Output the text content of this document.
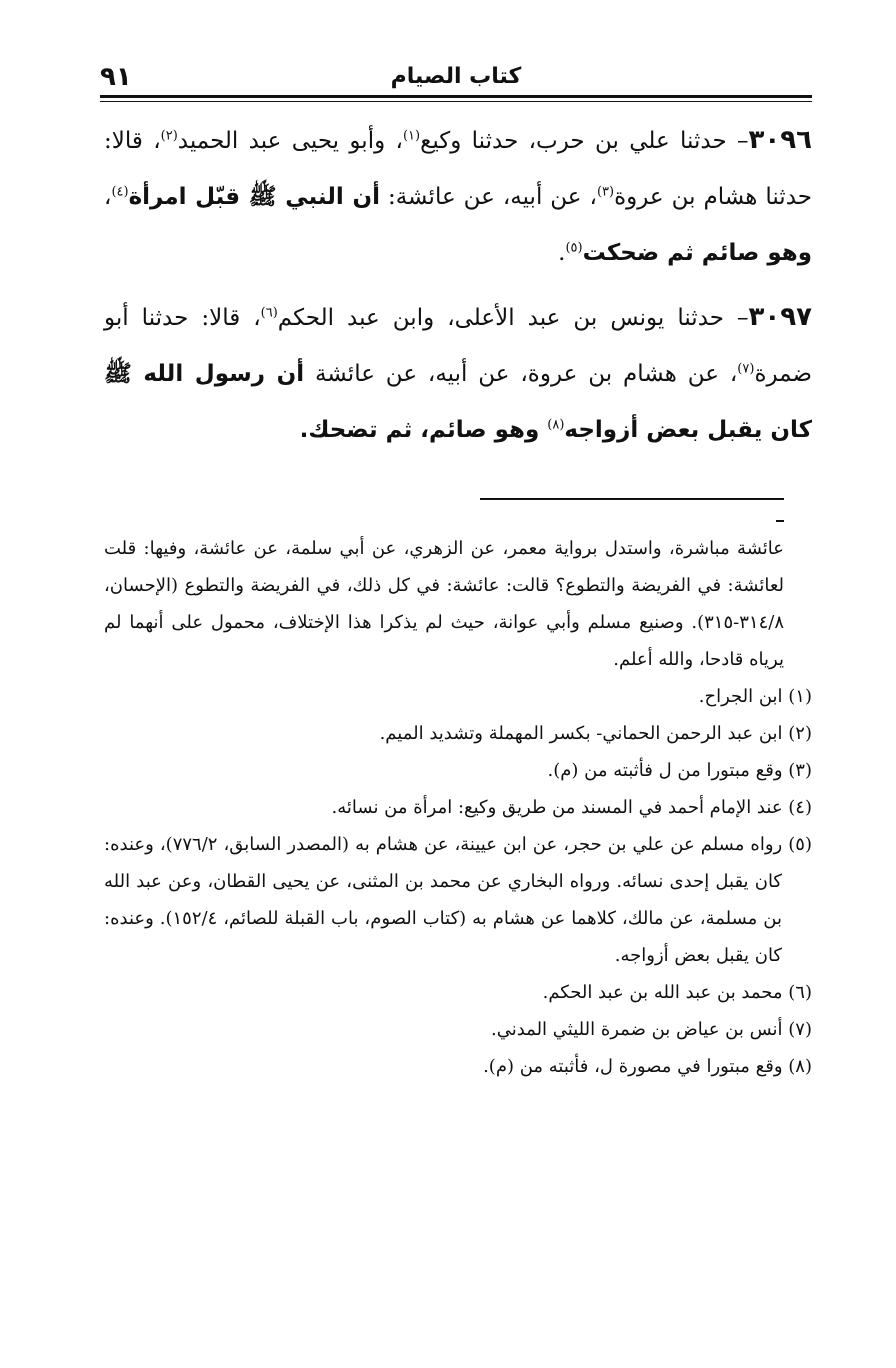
٩١	كتاب الصيام

٣٠٩٦– حدثنا علي بن حرب، حدثنا وكيع$^{(١)}$، وأبو يحيى عبد الحميد$^{(٢)}$، قالا: حدثنا هشام بن عروة$^{(٣)}$، عن أبيه، عن عائشة: أن النبي ﷺ قبّل امرأة$^{(٤)}$، وهو صائم ثم ضحكت$^{(٥)}$.

٣٠٩٧– حدثنا يونس بن عبد الأعلى، وابن عبد الحكم$^{(٦)}$، قالا: حدثنا أبو ضمرة$^{(٧)}$، عن هشام بن عروة، عن أبيه، عن عائشة أن رسول الله ﷺ كان يقبل بعض أزواجه$^{(٨)}$ وهو صائم، ثم تضحك.

عائشة مباشرة، واستدل برواية معمر، عن الزهري، عن أبي سلمة، عن عائشة، وفيها: قلت لعائشة: في الفريضة والتطوع؟ قالت: عائشة: في كل ذلك، في الفريضة والتطوع (الإحسان، ٣١٤/٨-٣١٥). وصنيع مسلم وأبي عوانة، حيث لم يذكرا هذا الإختلاف، محمول على أنهما لم يرياه قادحا، والله أعلم.

(١) ابن الجراح.

(٢) ابن عبد الرحمن الحماني- بكسر المهملة وتشديد الميم.

(٣) وقع مبتورا من ل فأثبته من (م).

(٤) عند الإمام أحمد في المسند من طريق وكيع: امرأة من نسائه.

(٥) رواه مسلم عن علي بن حجر، عن ابن عيينة، عن هشام به (المصدر السابق، ٧٧٦/٢)، وعنده: كان يقبل إحدى نسائه. ورواه البخاري عن محمد بن المثنى، عن يحيى القطان، وعن عبد الله بن مسلمة، عن مالك، كلاهما عن هشام به (كتاب الصوم، باب القبلة للصائم، ١٥٢/٤). وعنده: كان يقبل بعض أزواجه.

(٦) محمد بن عبد الله بن عبد الحكم.

(٧) أنس بن عياض بن ضمرة الليثي المدني.

(٨) وقع مبتورا في مصورة ل، فأثبته من (م).
